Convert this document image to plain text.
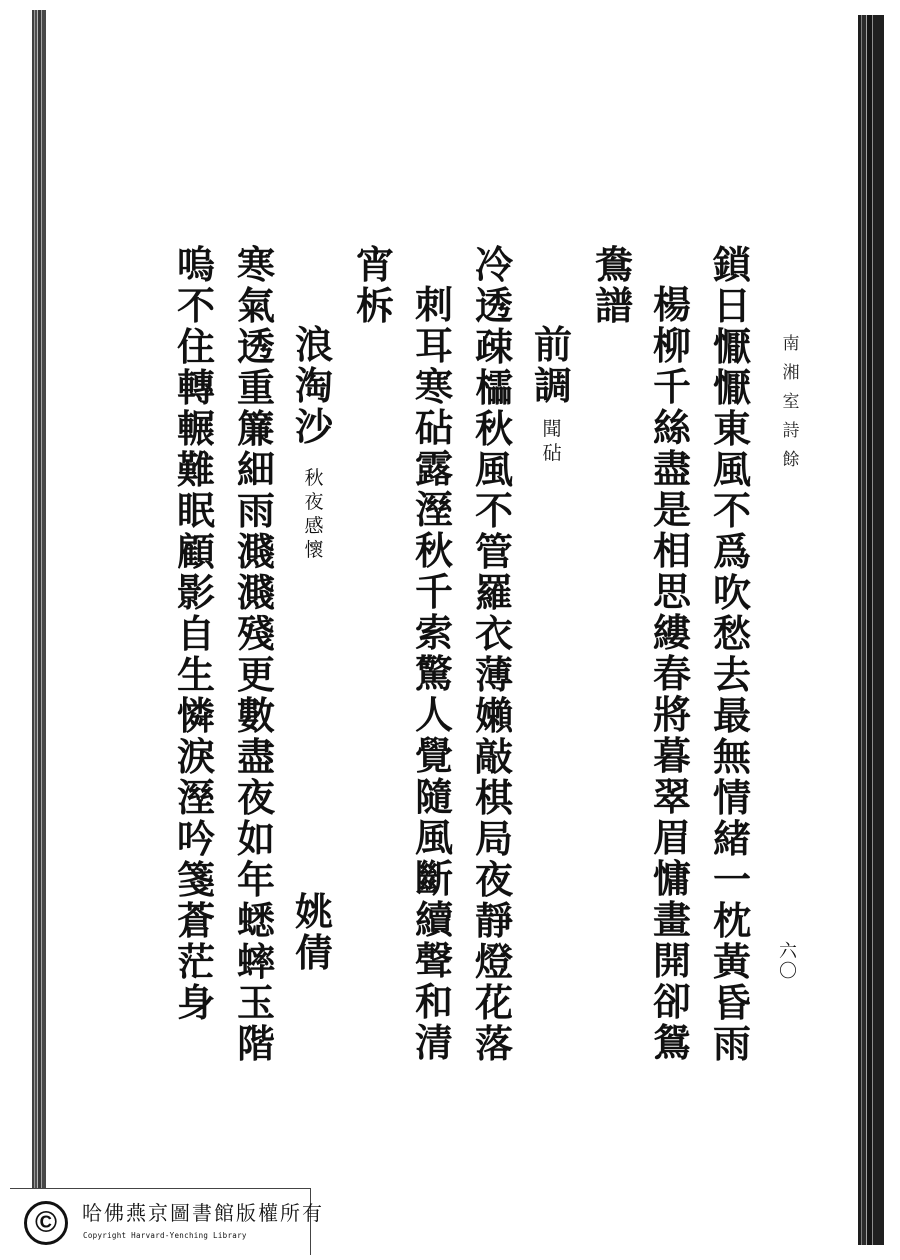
南
湘
室
詩
餘
六
〇
鎖
日
懨
懨
東
風
不
爲
吹
愁
去
最
無
情
緒
一
枕
黃
昏
雨
楊
柳
千
絲
盡
是
相
思
縷
春
將
暮
翠
眉
慵
畫
開
卻
鴛
鴦
譜
前
調
聞
砧
冷
透
疎
櫺
秋
風
不
管
羅
衣
薄
嬾
敲
棋
局
夜
靜
燈
花
落
刺
耳
寒
砧
露
溼
秋
千
索
驚
人
覺
隨
風
斷
續
聲
和
清
宵
柝
浪
淘
沙
秋
夜
感
懷
姚
倩
寒
氣
透
重
簾
細
雨
濺
濺
殘
更
數
盡
夜
如
年
蟋
蟀
玉
階
嗚
不
住
轉
輾
難
眠
顧
影
自
生
憐
淚
溼
吟
箋
蒼
茫
身
©	哈佛燕京圖書館版權所有
Copyright Harvard-Yenching Library
